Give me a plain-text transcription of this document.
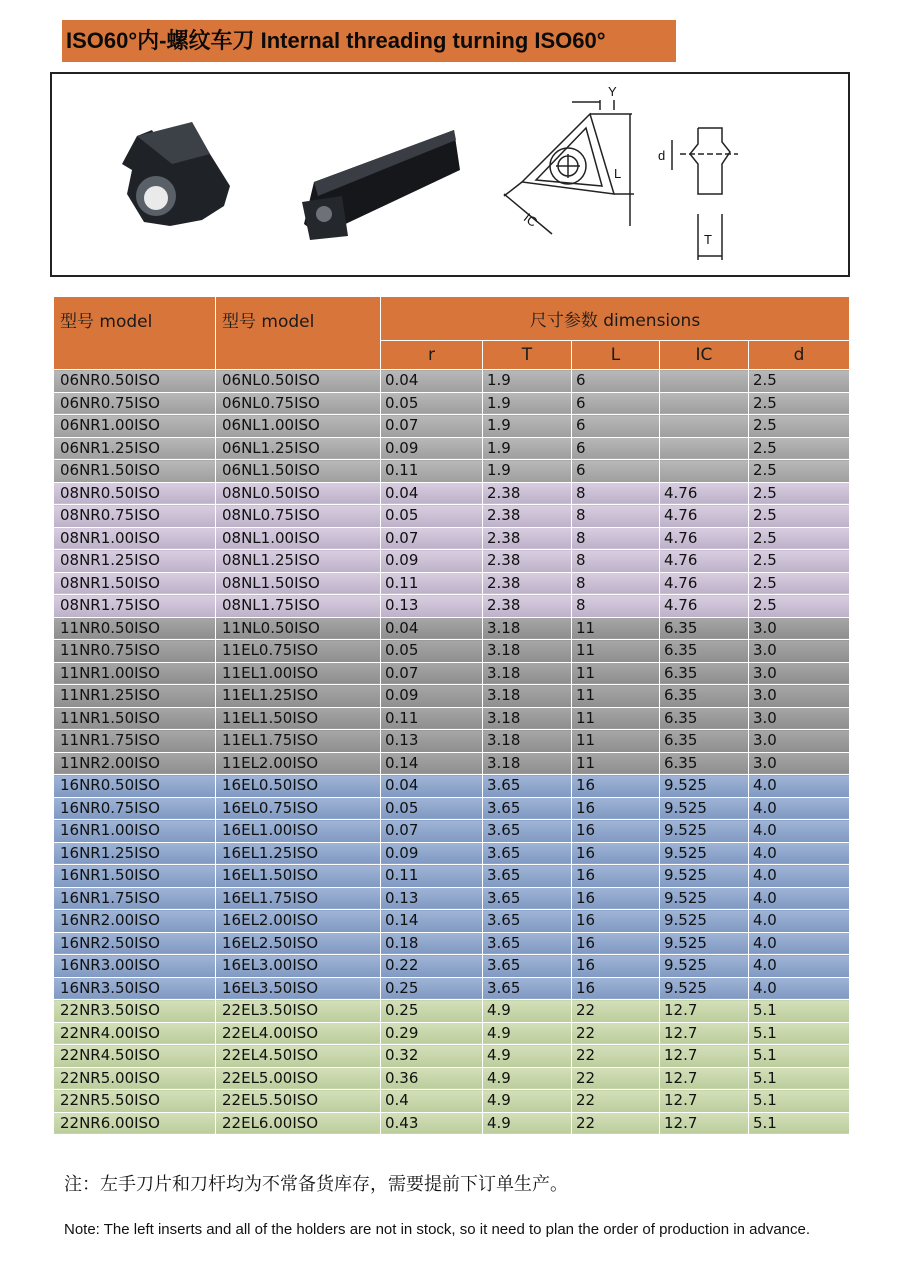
ISO60°内-螺纹车刀 Internal threading turning ISO60°
Y
L
IC
d
T
型号 model	型号 model	尺寸参数 dimensions				
		r	T	L	IC	d
06NR0.50ISO	06NL0.50ISO	0.04	1.9	6		2.5
06NR0.75ISO	06NL0.75ISO	0.05	1.9	6		2.5
06NR1.00ISO	06NL1.00ISO	0.07	1.9	6		2.5
06NR1.25ISO	06NL1.25ISO	0.09	1.9	6		2.5
06NR1.50ISO	06NL1.50ISO	0.11	1.9	6		2.5
08NR0.50ISO	08NL0.50ISO	0.04	2.38	8	4.76	2.5
08NR0.75ISO	08NL0.75ISO	0.05	2.38	8	4.76	2.5
08NR1.00ISO	08NL1.00ISO	0.07	2.38	8	4.76	2.5
08NR1.25ISO	08NL1.25ISO	0.09	2.38	8	4.76	2.5
08NR1.50ISO	08NL1.50ISO	0.11	2.38	8	4.76	2.5
08NR1.75ISO	08NL1.75ISO	0.13	2.38	8	4.76	2.5
11NR0.50ISO	11NL0.50ISO	0.04	3.18	11	6.35	3.0
11NR0.75ISO	11EL0.75ISO	0.05	3.18	11	6.35	3.0
11NR1.00ISO	11EL1.00ISO	0.07	3.18	11	6.35	3.0
11NR1.25ISO	11EL1.25ISO	0.09	3.18	11	6.35	3.0
11NR1.50ISO	11EL1.50ISO	0.11	3.18	11	6.35	3.0
11NR1.75ISO	11EL1.75ISO	0.13	3.18	11	6.35	3.0
11NR2.00ISO	11EL2.00ISO	0.14	3.18	11	6.35	3.0
16NR0.50ISO	16EL0.50ISO	0.04	3.65	16	9.525	4.0
16NR0.75ISO	16EL0.75ISO	0.05	3.65	16	9.525	4.0
16NR1.00ISO	16EL1.00ISO	0.07	3.65	16	9.525	4.0
16NR1.25ISO	16EL1.25ISO	0.09	3.65	16	9.525	4.0
16NR1.50ISO	16EL1.50ISO	0.11	3.65	16	9.525	4.0
16NR1.75ISO	16EL1.75ISO	0.13	3.65	16	9.525	4.0
16NR2.00ISO	16EL2.00ISO	0.14	3.65	16	9.525	4.0
16NR2.50ISO	16EL2.50ISO	0.18	3.65	16	9.525	4.0
16NR3.00ISO	16EL3.00ISO	0.22	3.65	16	9.525	4.0
16NR3.50ISO	16EL3.50ISO	0.25	3.65	16	9.525	4.0
22NR3.50ISO	22EL3.50ISO	0.25	4.9	22	12.7	5.1
22NR4.00ISO	22EL4.00ISO	0.29	4.9	22	12.7	5.1
22NR4.50ISO	22EL4.50ISO	0.32	4.9	22	12.7	5.1
22NR5.00ISO	22EL5.00ISO	0.36	4.9	22	12.7	5.1
22NR5.50ISO	22EL5.50ISO	0.4	4.9	22	12.7	5.1
22NR6.00ISO	22EL6.00ISO	0.43	4.9	22	12.7	5.1
注：左手刀片和刀杆均为不常备货库存，需要提前下订单生产。
Note: The left inserts and all of the holders are not in stock, so it need to plan the order of production in advance.
